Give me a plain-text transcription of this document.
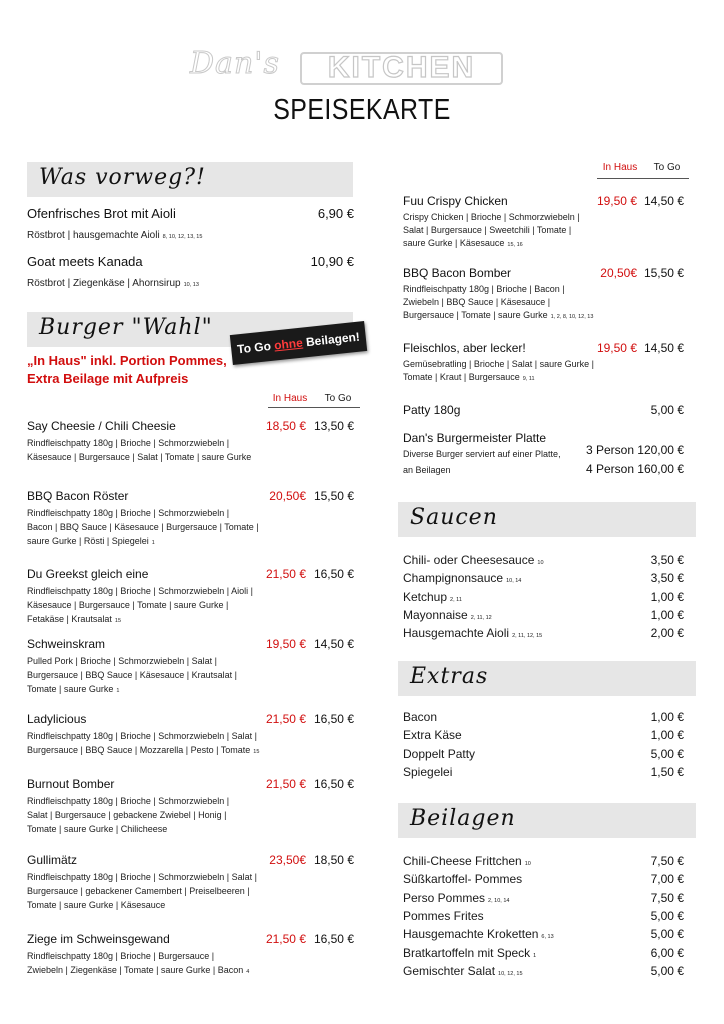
KITCHEN
Dan's
SPEISEKARTE
Was vorweg?!
Ofenfrisches Brot mit Aioli
Röstbrot | hausgemachte Aioli 8, 10, 12, 13, 15
6,90 €
Goat meets Kanada
Röstbrot | Ziegenkäse | Ahornsirup 10, 13
10,90 €
Burger "Wahl"
„In Haus" inkl. Portion Pommes,
Extra Beilage mit Aufpreis
To Go ohne Beilagen!
In Haus	To Go
Say Cheesie / Chili Cheesie
Rindfleischpatty 180g | Brioche | Schmorzwiebeln |
Käsesauce | Burgersauce | Salat | Tomate | saure Gurke
18,50 € 13,50 €
BBQ Bacon Röster
Rindfleischpatty 180g | Brioche | Schmorzwiebeln |
Bacon | BBQ Sauce | Käsesauce | Burgersauce | Tomate |
saure Gurke | Rösti | Spiegelei 1
20,50€ 15,50 €
Du Greekst gleich eine
Rindfleischpatty 180g | Brioche | Schmorzwiebeln | Aioli |
Käsesauce | Burgersauce | Tomate | saure Gurke |
Fetakäse | Krautsalat 15
21,50 € 16,50 €
Schweinskram
Pulled Pork | Brioche | Schmorzwiebeln | Salat |
Burgersauce | BBQ Sauce | Käsesauce | Krautsalat |
Tomate | saure Gurke 1
19,50 € 14,50 €
Ladylicious
Rindfleischpatty 180g | Brioche | Schmorzwiebeln | Salat |
Burgersauce | BBQ Sauce | Mozzarella | Pesto | Tomate 15
21,50 € 16,50 €
Burnout Bomber
Rindfleischpatty 180g | Brioche | Schmorzwiebeln |
Salat | Burgersauce | gebackene Zwiebel | Honig |
Tomate | saure Gurke | Chilicheese
21,50 € 16,50 €
Gullimätz
Rindfleischpatty 180g | Brioche | Schmorzwiebeln | Salat |
Burgersauce | gebackener Camembert | Preiselbeeren |
Tomate | saure Gurke | Käsesauce
23,50€ 18,50 €
Ziege im Schweinsgewand
Rindfleischpatty 180g | Brioche | Burgersauce |
Zwiebeln | Ziegenkäse | Tomate | saure Gurke | Bacon 4
21,50 € 16,50 €
In Haus	To Go
Fuu Crispy Chicken
Crispy Chicken | Brioche | Schmorzwiebeln |
Salat | Burgersauce | Sweetchili | Tomate |
saure Gurke | Käsesauce 15, 16
19,50 € 14,50 €
BBQ Bacon Bomber
Rindfleischpatty 180g | Brioche | Bacon |
Zwiebeln | BBQ Sauce | Käsesauce |
Burgersauce | Tomate | saure Gurke 1, 2, 8, 10, 12, 13
20,50€ 15,50 €
Fleischlos, aber lecker!
Gemüsebratling | Brioche | Salat | saure Gurke |
Tomate | Kraut | Burgersauce 9, 11
19,50 € 14,50 €
Patty 180g	5,00 €
Dan's Burgermeister Platte
Diverse Burger serviert auf einer Platte,
an Beilagen
3 Person 120,00 €
4 Person 160,00 €
Saucen
Chili- oder Cheesesauce 10	3,50 €
Champignonsauce 10, 14	3,50 €
Ketchup 2, 11	1,00 €
Mayonnaise 2, 11, 12	1,00 €
Hausgemachte Aioli 2, 11, 12, 15	2,00 €
Extras
Bacon	1,00 €
Extra Käse	1,00 €
Doppelt Patty	5,00 €
Spiegelei	1,50 €
Beilagen
Chili-Cheese Frittchen 10	7,50 €
Süßkartoffel- Pommes	7,00 €
Perso Pommes 2, 10, 14	7,50 €
Pommes Frites	5,00 €
Hausgemachte Kroketten 6, 13	5,00 €
Bratkartoffeln mit Speck 1	6,00 €
Gemischter Salat 10, 12, 15	5,00 €
